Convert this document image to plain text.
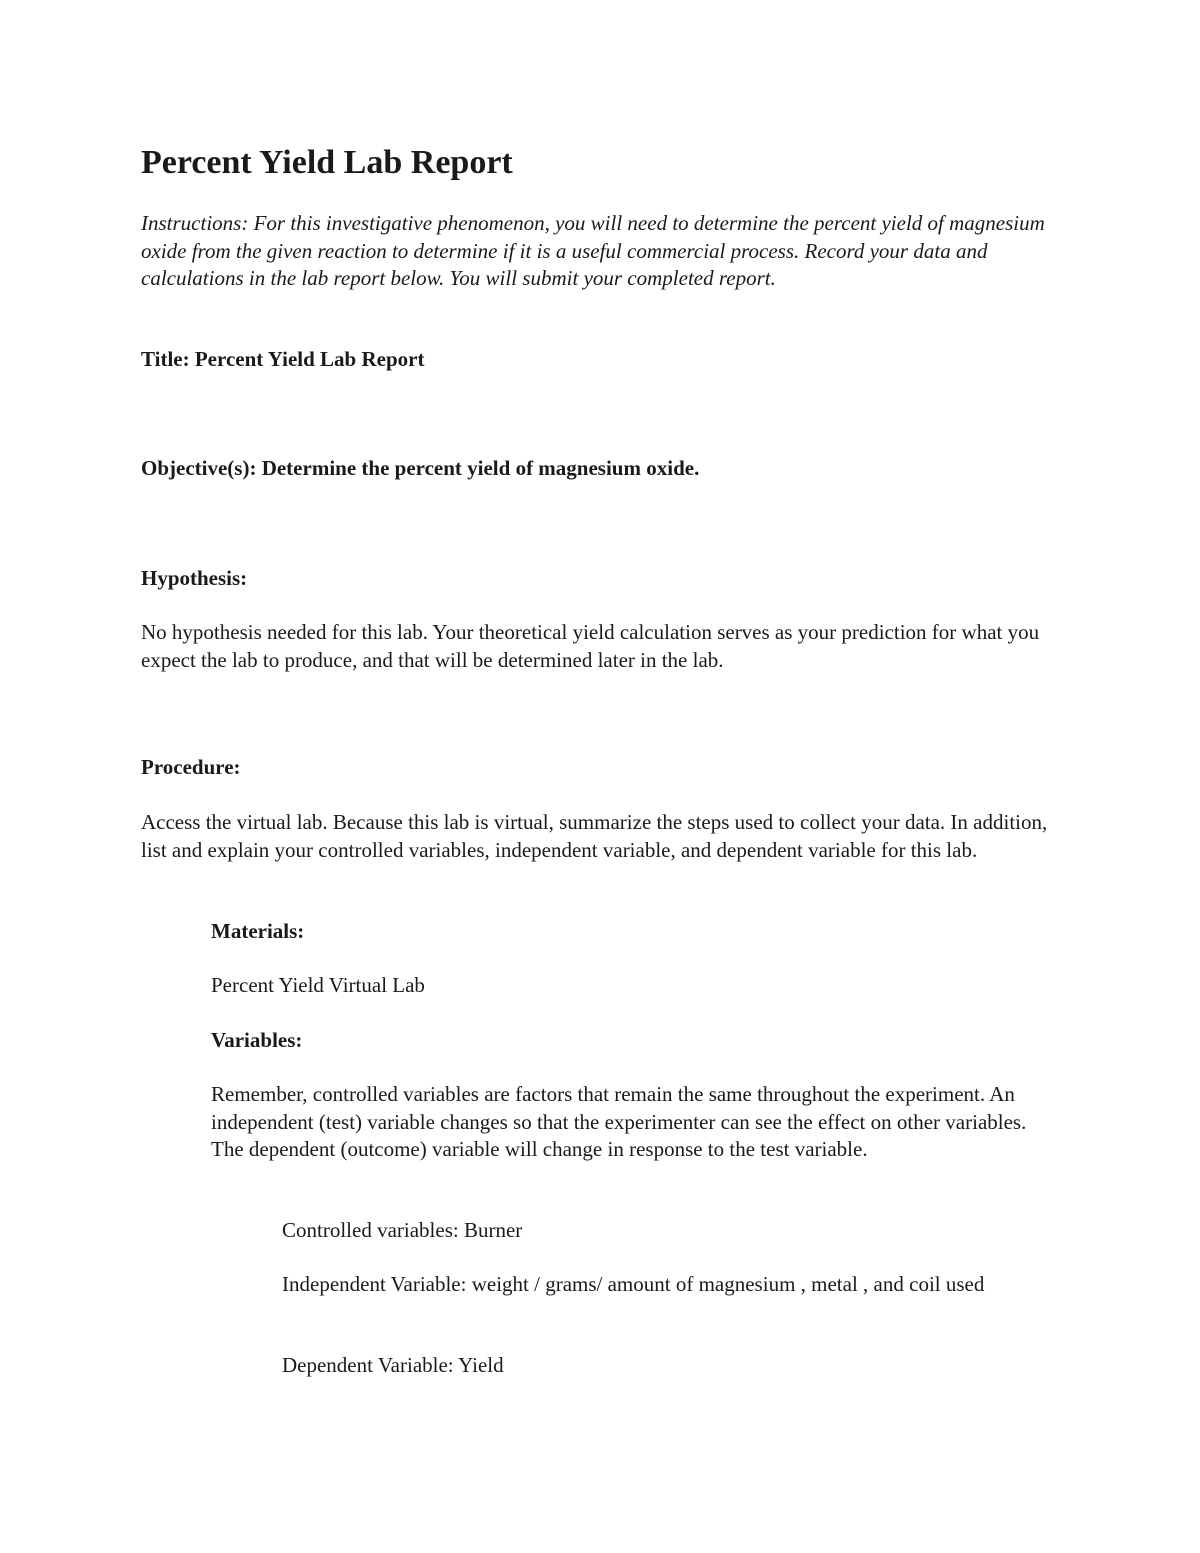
Percent Yield Lab Report

Instructions: For this investigative phenomenon, you will need to determine the percent yield of magnesium oxide from the given reaction to determine if it is a useful commercial process. Record your data and calculations in the lab report below. You will submit your completed report.

Title: Percent Yield Lab Report

Objective(s): Determine the percent yield of magnesium oxide.

Hypothesis:

No hypothesis needed for this lab. Your theoretical yield calculation serves as your prediction for what you expect the lab to produce, and that will be determined later in the lab.

Procedure:

Access the virtual lab. Because this lab is virtual, summarize the steps used to collect your data. In addition, list and explain your controlled variables, independent variable, and dependent variable for this lab.

Materials:

Percent Yield Virtual Lab

Variables:

Remember, controlled variables are factors that remain the same throughout the experiment. An independent (test) variable changes so that the experimenter can see the effect on other variables. The dependent (outcome) variable will change in response to the test variable.

Controlled variables: Burner

Independent Variable: weight / grams/ amount of magnesium , metal , and coil used

Dependent Variable: Yield
